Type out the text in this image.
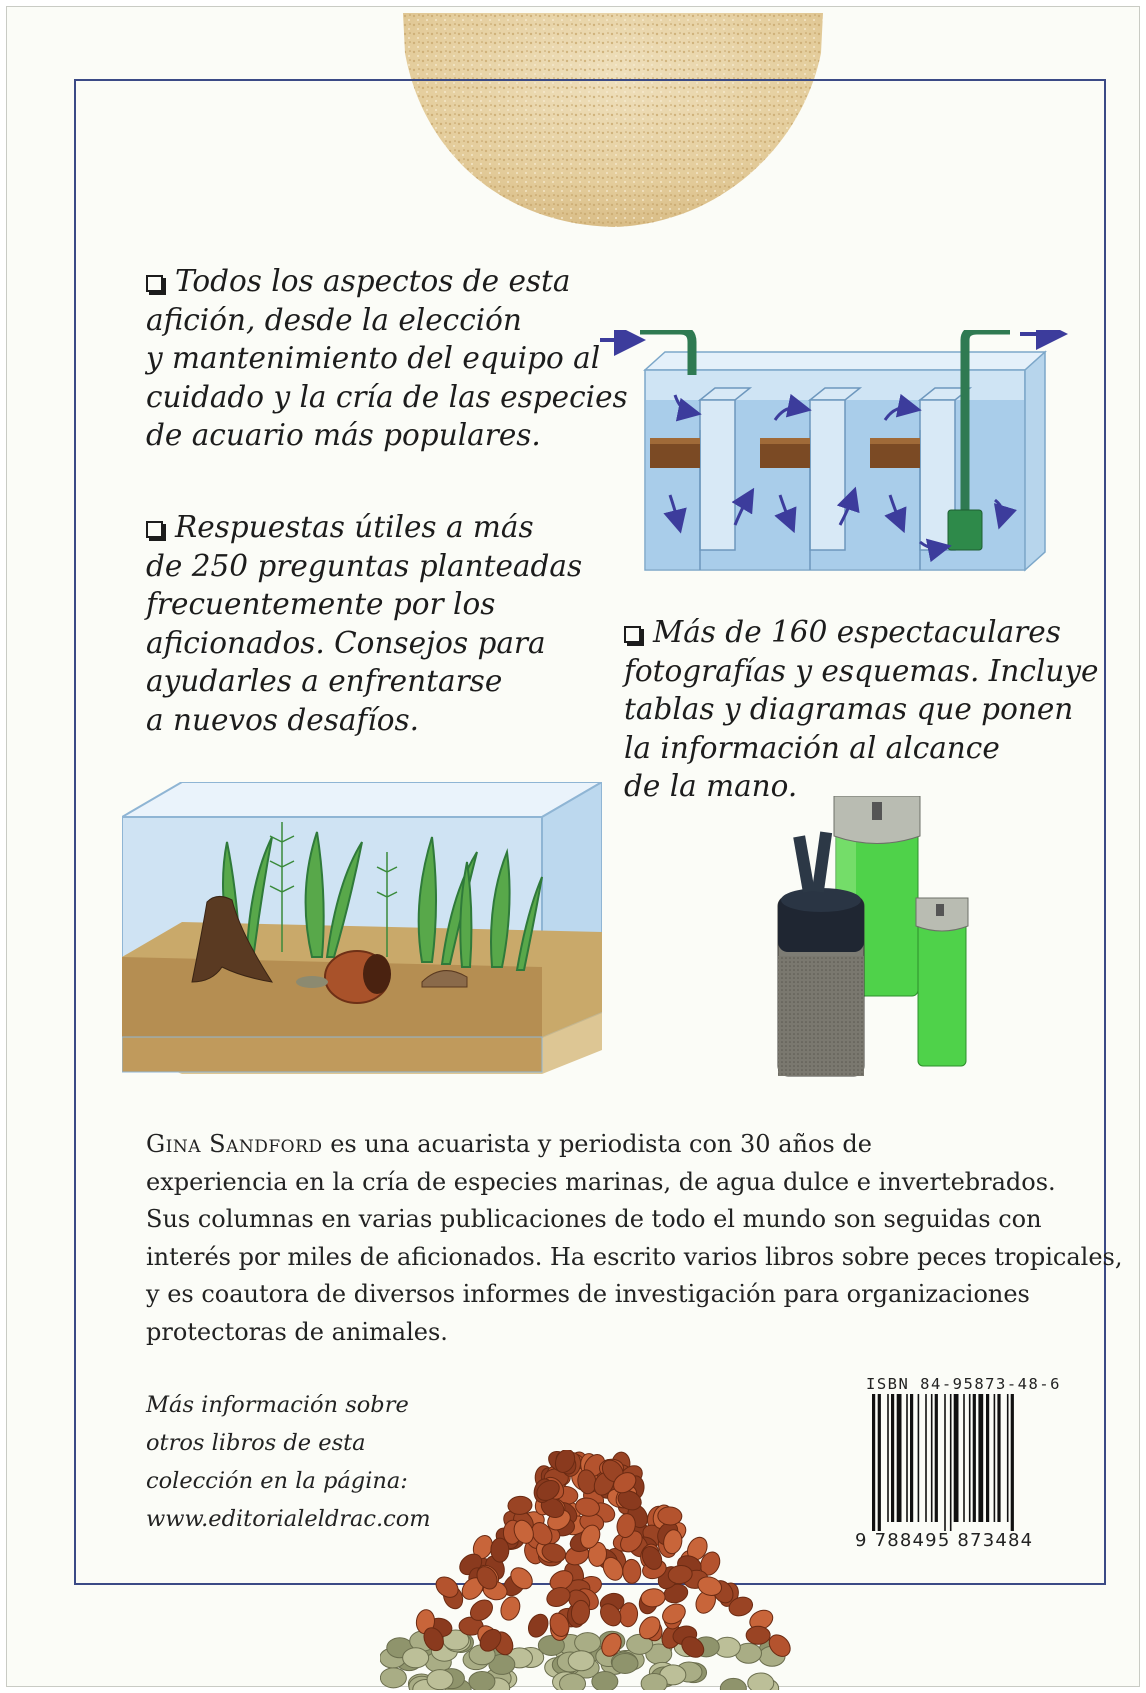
Todos los aspectos de esta
afición, desde la elección
y mantenimiento del equipo al
cuidado y la cría de las especies
de acuario más populares.
Respuestas útiles a más
de 250 preguntas planteadas
frecuentemente por los
aficionados. Consejos para
ayudarles a enfrentarse
a nuevos desafíos.
Más de 160 espectaculares
fotografías y esquemas. Incluye
tablas y diagramas que ponen
la información al alcance
de la mano.
Gina Sandford es una acuarista y periodista con 30 años de
experiencia en la cría de especies marinas, de agua dulce e invertebrados.
Sus columnas en varias publicaciones de todo el mundo son seguidas con
interés por miles de aficionados. Ha escrito varios libros sobre peces tropicales,
y es coautora de diversos informes de investigación para organizaciones
protectoras de animales.
Más información sobre
otros libros de esta
colección en la página:
www.editorialeldrac.com
ISBN 84-95873-48-6
9 788495 873484
